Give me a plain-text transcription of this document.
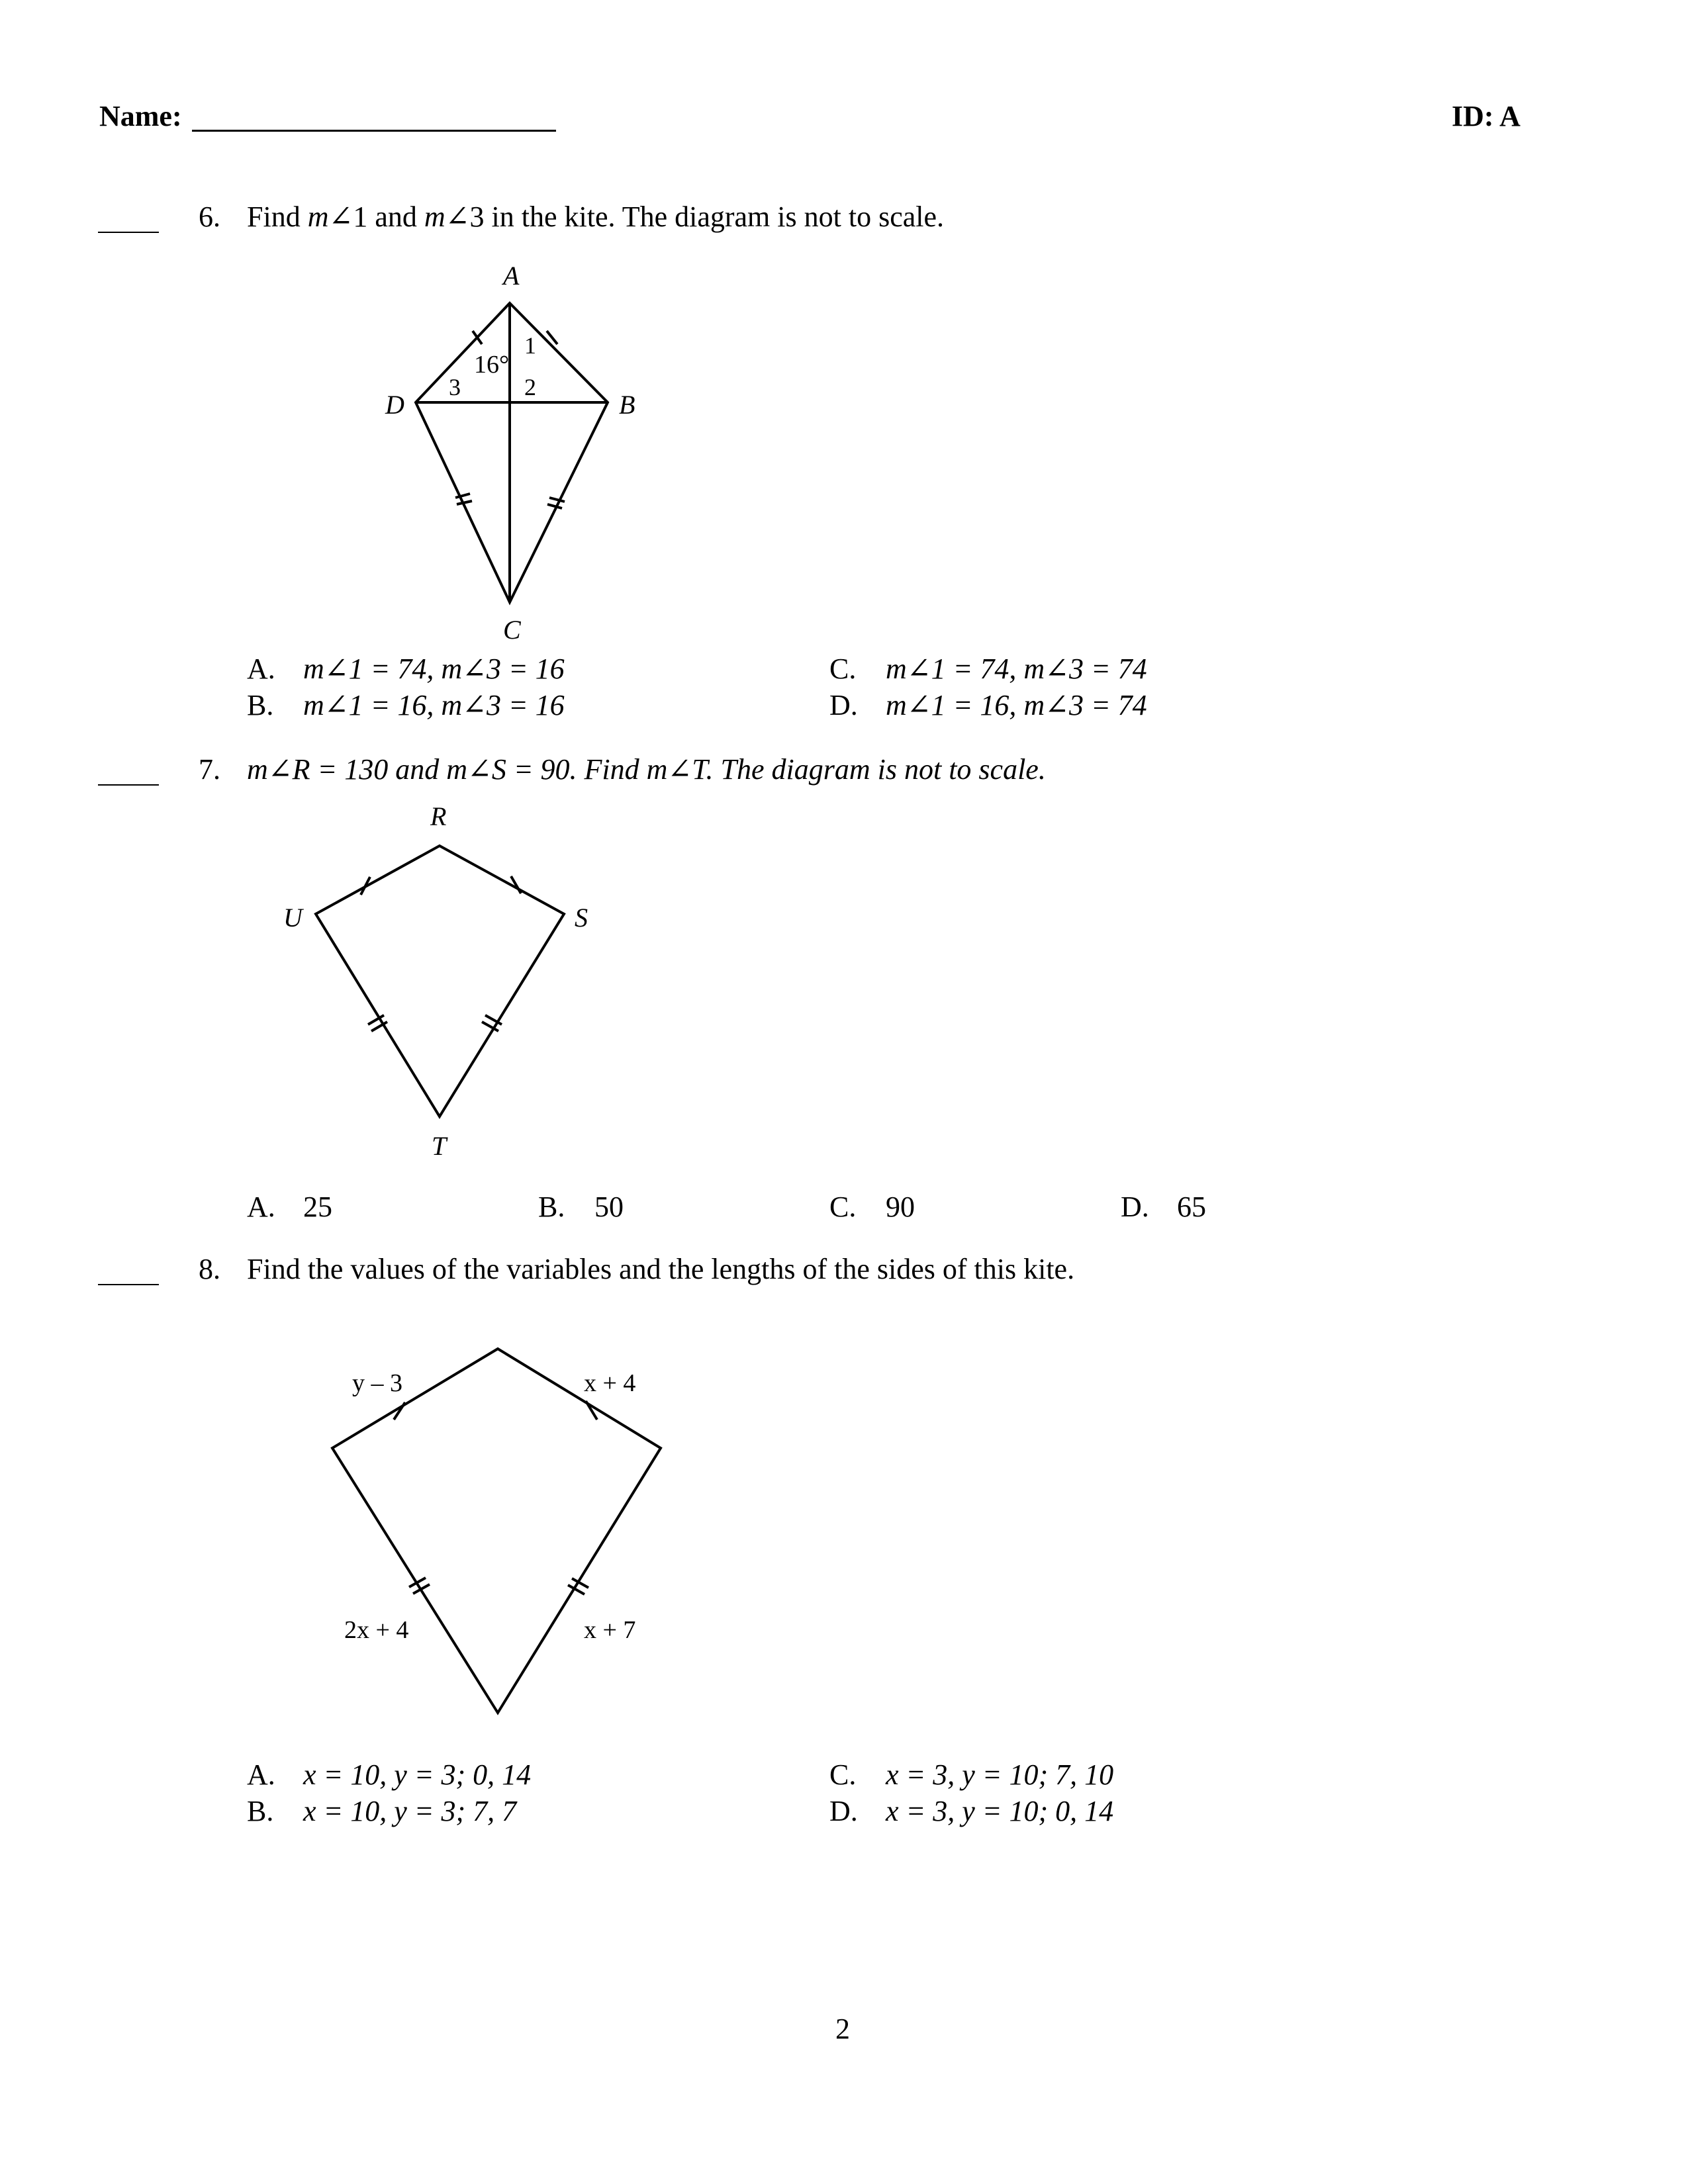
Name:	ID: A
6. Find m∠1 and m∠3 in the kite. The diagram is not to scale.
A
B
C
D
16°
1
2
3
R
S
T
U
y – 3	x + 4
2x + 4	x + 7
A. m∠1 = 74, m∠3 = 16
B. m∠1 = 16, m∠3 = 16
C. m∠1 = 74, m∠3 = 74
D. m∠1 = 16, m∠3 = 74
7. m∠R = 130 and m∠S = 90. Find m∠T. The diagram is not to scale.
A. 25	B. 50	C. 90	D. 65
8. Find the values of the variables and the lengths of the sides of this kite.
A. x = 10, y = 3; 0, 14
B. x = 10, y = 3; 7, 7
C. x = 3, y = 10; 7, 10
D. x = 3, y = 10; 0, 14
2
